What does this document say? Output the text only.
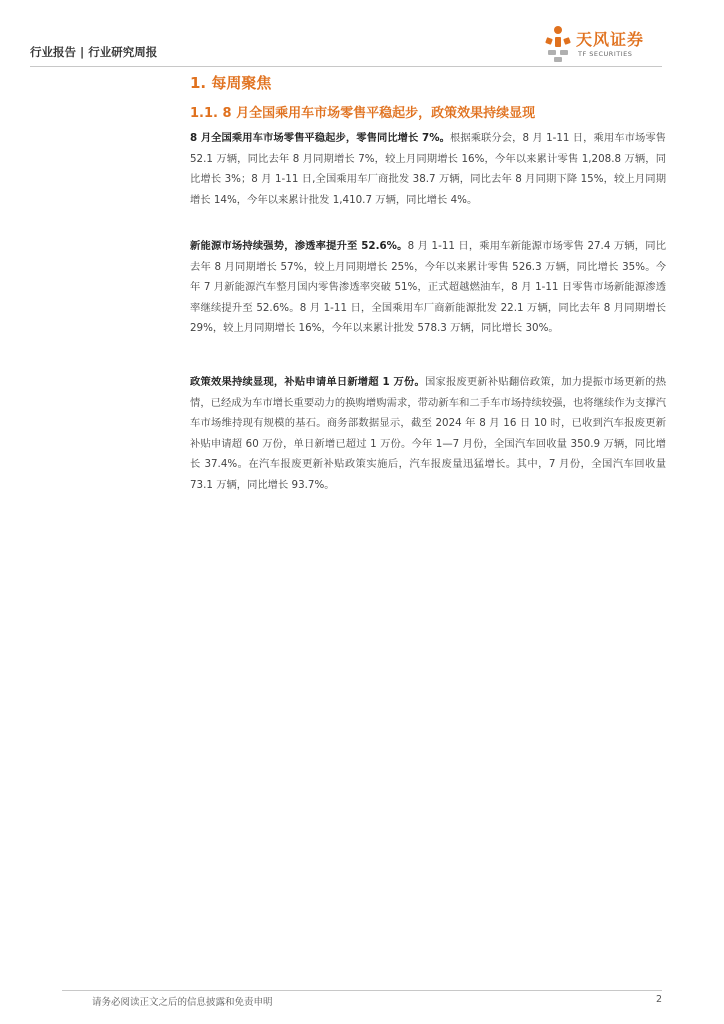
行业报告 | 行业研究周报
天风证券
TF SECURITIES
1. 每周聚焦
1.1. 8 月全国乘用车市场零售平稳起步，政策效果持续显现
8 月全国乘用车市场零售平稳起步，零售同比增长 7%。根据乘联分会，8 月 1-11 日，乘用车市场零售 52.1 万辆，同比去年 8 月同期增长 7%，较上月同期增长 16%，今年以来累计零售 1,208.8 万辆，同比增长 3%；8 月 1-11 日,全国乘用车厂商批发 38.7 万辆，同比去年 8 月同期下降 15%，较上月同期增长 14%，今年以来累计批发 1,410.7 万辆，同比增长 4%。
新能源市场持续强势，渗透率提升至 52.6%。8 月 1-11 日，乘用车新能源市场零售 27.4 万辆，同比去年 8 月同期增长 57%，较上月同期增长 25%，今年以来累计零售 526.3 万辆，同比增长 35%。今年 7 月新能源汽车整月国内零售渗透率突破 51%，正式超越燃油车，8 月 1-11 日零售市场新能源渗透率继续提升至 52.6%。8 月 1-11 日，全国乘用车厂商新能源批发 22.1 万辆，同比去年 8 月同期增长 29%，较上月同期增长 16%，今年以来累计批发 578.3 万辆，同比增长 30%。
政策效果持续显现，补贴申请单日新增超 1 万份。国家报废更新补贴翻倍政策，加力提振市场更新的热情，已经成为车市增长重要动力的换购增购需求，带动新车和二手车市场持续较强，也将继续作为支撑汽车市场维持现有规模的基石。商务部数据显示，截至 2024 年 8 月 16 日 10 时，已收到汽车报废更新补贴申请超 60 万份，单日新增已超过 1 万份。今年 1—7 月份，全国汽车回收量 350.9 万辆，同比增长 37.4%。在汽车报废更新补贴政策实施后，汽车报废量迅猛增长。其中，7 月份，全国汽车回收量 73.1 万辆，同比增长 93.7%。
请务必阅读正文之后的信息披露和免责申明	2
